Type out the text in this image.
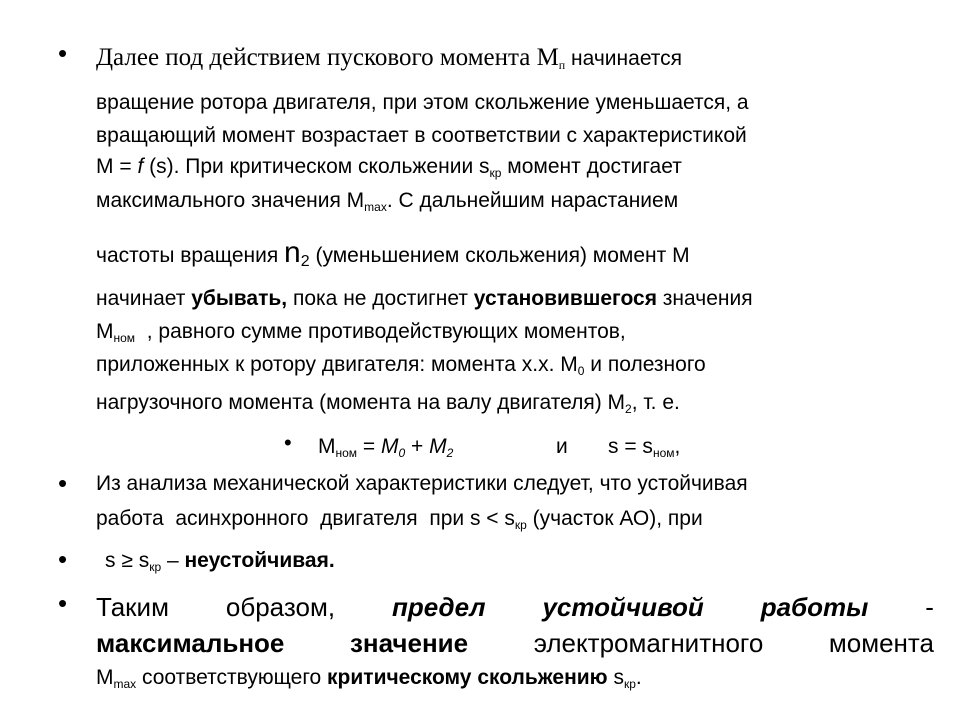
• Далее под действием пускового момента $М_п$ начинается
вращение ротора двигателя, при этом скольжение уменьшается, а
вращающий момент возрастает в соответствии с характеристикой
М = f (s). При критическом скольжении $s_{кр}$ момент достигает
максимального значения $М_{max}$. С дальнейшим нарастанием
частоты вращения $n_2$ (уменьшением скольжения) момент М
начинает убывать, пока не достигнет установившегося значения
$М_{ном}$  , равного сумме противодействующих моментов,
приложенных к ротору двигателя: момента х.х. $М_0$ и полезного
нагрузочного момента (момента на валу двигателя) $М_2$, т. е.
• $М_{ном} = M_0 + M_2$	и $s = s_{ном}$,
• Из анализа механической характеристики следует, что устойчивая
работа  асинхронного  двигателя  при $s < s_{кр}$ (участок АО), при
• $s \ge s_{кр}$ – неустойчивая.
• Таким образом, предел устойчивой работы -
максимальное	значение	электромагнитного	момента
$М_{max}$ соответствующего критическому скольжению $s_{кр}$.
